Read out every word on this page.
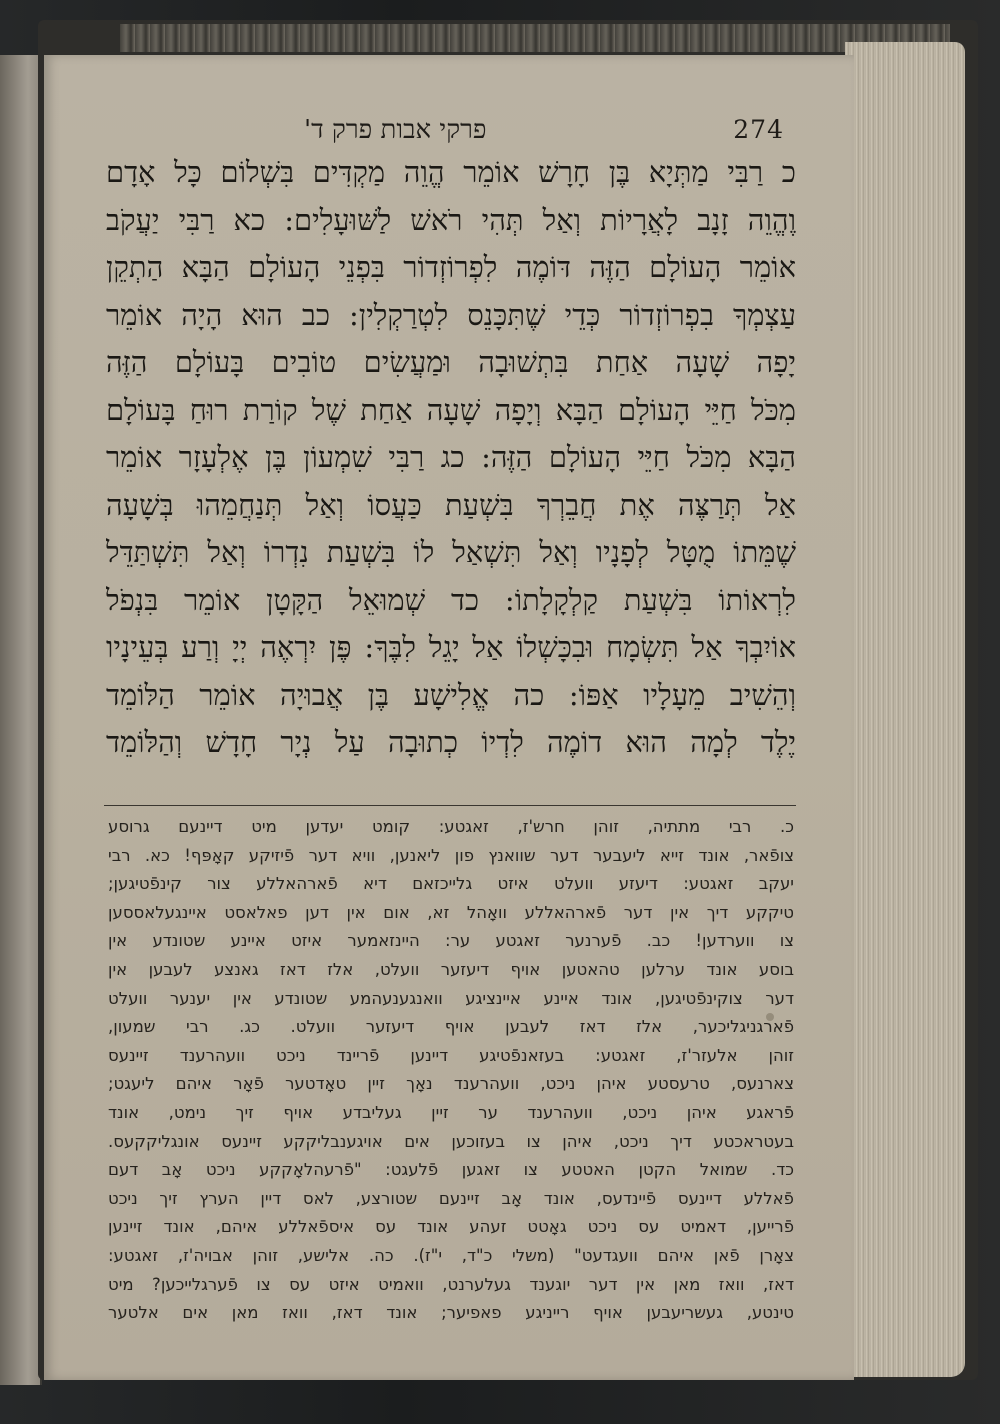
פרקי אבות פרק ד'	274
כ רַבִּי מַתְּיָא בֶּן חָרָשׁ אוֹמֵר הֱוֵה מַקְדִּים בִּשְׁלוֹם כָּל אָדָם
וֶהֱוֵה זָנָב לָאֲרָיוֹת וְאַל תְּהִי רֹאשׁ לַשּׁוּעָלִים: כא רַבִּי יַעֲקֹב
אוֹמֵר הָעוֹלָם הַזֶּה דּוֹמֶה לִפְרוֹזְדוֹר בִּפְנֵי הָעוֹלָם הַבָּא הַתְקֵן
עַצְמְךָ בִפְרוֹזְדוֹר כְּדֵי שֶׁתִּכָּנֵס לִטְרַקְלִין: כב הוּא הָיָה אוֹמֵר
יָפָה שָׁעָה אַחַת בִּתְשׁוּבָה וּמַעֲשִׂים טוֹבִים בָּעוֹלָם הַזֶּה
מִכֹּל חַיֵּי הָעוֹלָם הַבָּא וְיָפָה שָׁעָה אַחַת שֶׁל קוֹרַת רוּחַ בָּעוֹלָם
הַבָּא מִכֹּל חַיֵּי הָעוֹלָם הַזֶּה: כג רַבִּי שִׁמְעוֹן בֶּן אֶלְעָזָר אוֹמֵר
אַל תְּרַצֶּה אֶת חֲבֵרְךָ בִּשְׁעַת כַּעֲסוֹ וְאַל תְּנַחֲמֵהוּ בְּשָׁעָה
שֶׁמֵּתוֹ מֻטָּל לְפָנָיו וְאַל תִּשְׁאַל לוֹ בִּשְׁעַת נִדְרוֹ וְאַל תִּשְׁתַּדֵּל
לִרְאוֹתוֹ בִּשְׁעַת קַלְקָלָתוֹ: כד שְׁמוּאֵל הַקָּטָן אוֹמֵר בִּנְפֹל
אוֹיִבְךָ אַל תִּשְׂמָח וּבִכָּשְׁלוֹ אַל יָגֵל לִבֶּךָ: פֶּן יִרְאֶה יְיָ וְרַע בְּעֵינָיו
וְהֵשִׁיב מֵעָלָיו אַפּוֹ: כה אֱלִישָׁע בֶּן אֲבוּיָה אוֹמֵר הַלּוֹמֵד
יֶלֶד לְמָה הוּא דוֹמֶה לִדְיוֹ כְתוּבָה עַל נְיָר חָדָשׁ וְהַלּוֹמֵד
כ. רבי מתתיה, זוהן חרש'ז, זאגטע: קומט יעדען מיט דיינעם גרוסע
צופֿאר, אונד זייא ליעבער דער שוואנץ פון ליאנען, וויא דער פֿיזיקע קאָפּף! כא. רבי
יעקב זאגטע: דיעזע וועלט איזט גלייכזאם דיא פֿארהאללע צור קינפֿטיגען;
טיקקע דיך אין דער פֿארהאללע וואָהל זא, אום אין דען פאלאסט איינגעלאססען
צו ווערדען! כב. פֿערנער זאגטע ער: היינזאמער איזט איינע שטונדע אין
בוסע אונד ערלען טהאטען אויף דיעזער וועלט, אלז דאז גאנצע לעבען אין
דער צוקינפֿטיגען, אונד איינע איינציגע וואנגענעהמע שטונדע אין יענער וועלט
פֿארגניגליכער, אלז דאז לעבען אויף דיעזער וועלט. כג. רבי שמעון,
זוהן אלעזר'ז, זאגטע: בעזאנפֿטיגע דיינען פֿריינד ניכט וועהרענד זיינעס
צארנעס, טרעסטע איהן ניכט, וועהרענד נאָך זיין טאָדטער פֿאָר איהם ליעגט;
פֿראגע איהן ניכט, וועהרענד ער זיין געליבדע אויף זיך נימט, אונד
בעטראכטע דיך ניכט, איהן צו בעזוכען אים אויגענבליקקע זיינעס אונגליקקעס.
כד. שמואל הקטן האטטע צו זאגען פֿלעגט: "פֿרעהלאָקקע ניכט אָב דעם
פֿאללע דיינעס פֿיינדעס, אונד אָב זיינעם שטורצע, לאס דיין הערץ זיך ניכט
פֿרייען, דאמיט עס ניכט גאָטט זעהע אונד עס איספֿאללע איהם, אונד זיינען
צאָרן פֿאן איהם וועגדעט" (משלי כ"ד, י"ז). כה. אלישע, זוהן אבויה'ז, זאגטע:
דאז, וואז מאן אין דער יוגענד געלערנט, וואמיט איזט עס צו פֿערגלייכען? מיט
טינטע, געשריעבען אויף רייניגע פאפיער; אונד דאז, וואז מאן אים אלטער
